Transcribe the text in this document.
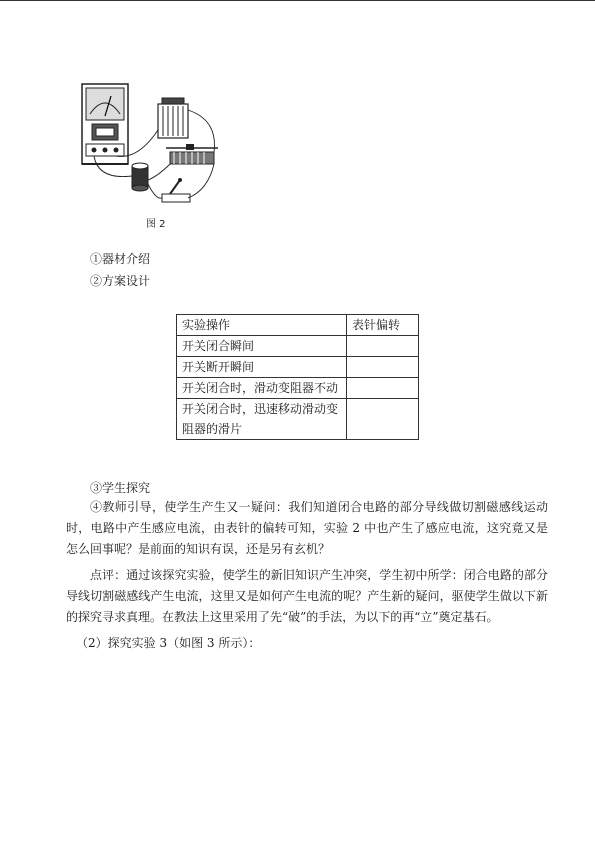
图 2
①器材介绍
②方案设计
实验操作	表针偏转
开关闭合瞬间	
开关断开瞬间	
开关闭合时，滑动变阻器不动	
开关闭合时，迅速移动滑动变阻器的滑片	
③学生探究
④教师引导，使学生产生又一疑问：我们知道闭合电路的部分导线做切割磁感线运动时，电路中产生感应电流，由表针的偏转可知，实验 2 中也产生了感应电流，这究竟又是怎么回事呢？是前面的知识有误，还是另有玄机？
点评：通过该探究实验，使学生的新旧知识产生冲突，学生初中所学：闭合电路的部分导线切割磁感线产生电流，这里又是如何产生电流的呢？产生新的疑问，驱使学生做以下新的探究寻求真理。在教法上这里采用了先“破”的手法，为以下的再“立”奠定基石。
（2）探究实验 3（如图 3 所示）：
